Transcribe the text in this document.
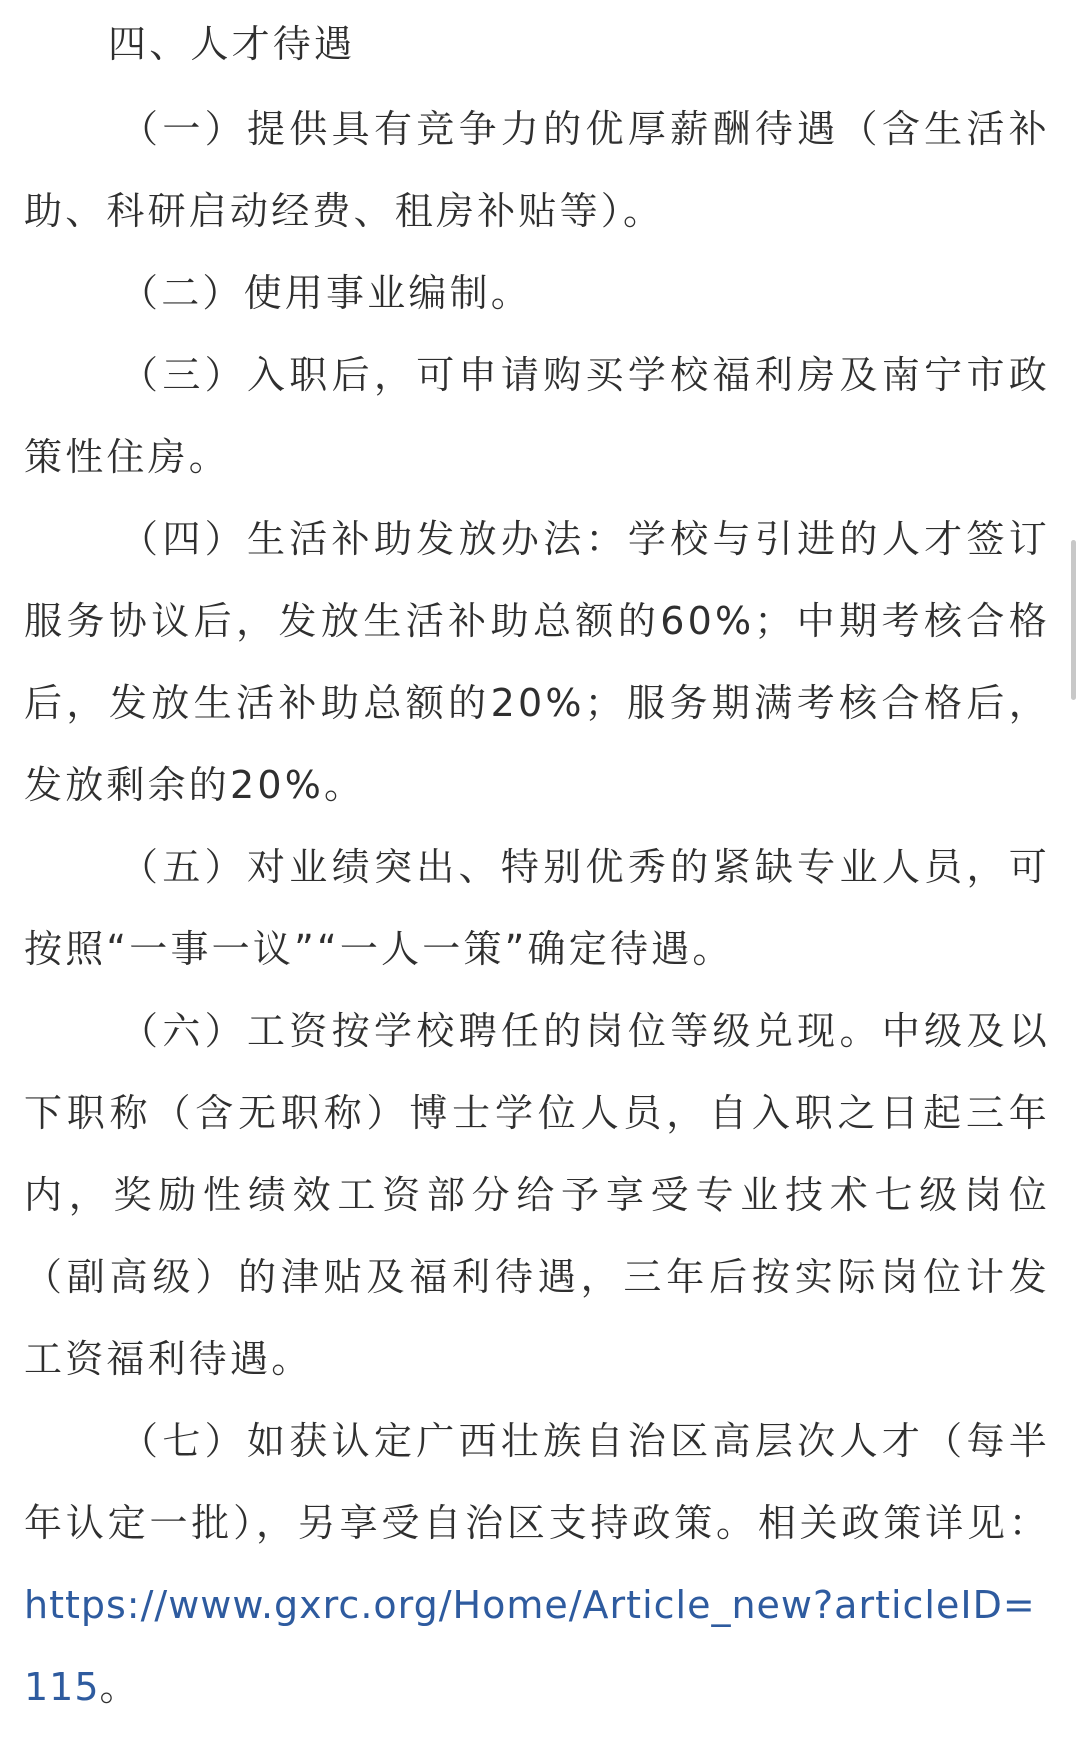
四、人才待遇

（一）提供具有竞争力的优厚薪酬待遇（含生活补助、科研启动经费、租房补贴等）。

（二）使用事业编制。

（三）入职后，可申请购买学校福利房及南宁市政策性住房。

（四）生活补助发放办法：学校与引进的人才签订服务协议后，发放生活补助总额的60%；中期考核合格后，发放生活补助总额的20%；服务期满考核合格后，发放剩余的20%。

（五）对业绩突出、特别优秀的紧缺专业人员，可按照“一事一议”“一人一策”确定待遇。

（六）工资按学校聘任的岗位等级兑现。中级及以下职称（含无职称）博士学位人员，自入职之日起三年内，奖励性绩效工资部分给予享受专业技术七级岗位（副高级）的津贴及福利待遇，三年后按实际岗位计发工资福利待遇。

（七）如获认定广西壮族自治区高层次人才（每半年认定一批），另享受自治区支持政策。相关政策详见：https://www.gxrc.org/Home/Article_new?articleID=115。
